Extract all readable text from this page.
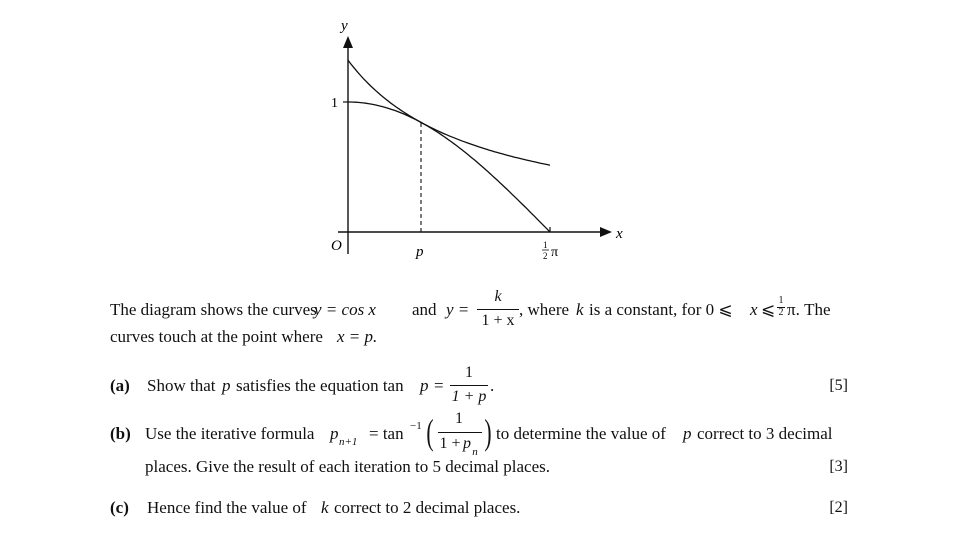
y
x
O
1
p	1
2 π
The diagram shows the curves
y = cos x and y =
k
1 + x
, where k is a constant, for 0 ⩽ x ⩽ 1
2 π. The
curves touch at the point where x = p.
(a) Show that p satisfies the equation tan p =
1
1 + p
.	[5]
(b) Use the iterative formula p n+1 = tan −1 (	1
1 + p n ) to determine the value of p correct to 3 decimal
places. Give the result of each iteration to 5 decimal places.	[3]
(c) Hence find the value of k correct to 2 decimal places.	[2]
